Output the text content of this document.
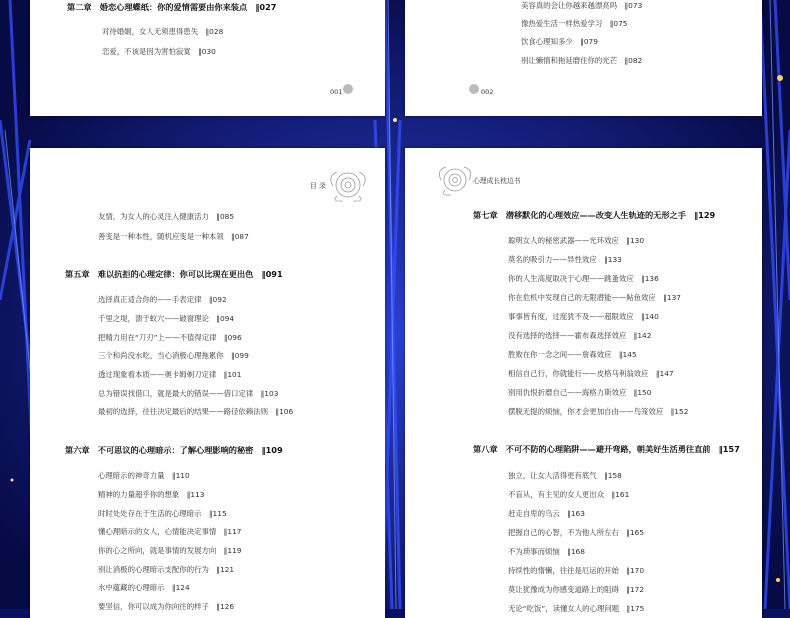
第二章　婚恋心理蝶纸：你的爱情需要由你来装点　‖027
对待婚姻，女人无须患得患失　‖028
恋爱，不该是因为害怕寂寞　‖030
001
美容真的会让你越来越漂亮吗　‖073
像热爱生活一样热爱学习　‖075
饮食心理知多少　‖079
别让懒惰和拖延磨住你的光芒　‖082
002
目 录
友情，为女人的心灵注入健康活力　‖085
善变是一种本性，随机应变是一种本领　‖087
第五章　难以抗拒的心理定律：你可以比现在更出色　‖091
选择真正适合你的——手表定律　‖092
千里之堤，溃于蚁穴——破窗理论　‖094
把精力用在“刀刃”上——不值得定律　‖096
三个和尚没水吃，当心消极心理拖累你　‖099
透过现象看本质——奥卡姆剃刀定律　‖101
总为错误找借口，就是最大的错误——借口定律　‖103
最初的选择，往往决定最后的结果——路径依赖法则　‖106
第六章　不可思议的心理暗示：了解心理影响的秘密　‖109
心理暗示的神奇力量　‖110
精神的力量超乎你的想象　‖113
时时处处存在于生活的心理暗示　‖115
懂心理暗示的女人，心情能决定事情　‖117
你的心之所向，就是事情的发展方向　‖119
别让消极的心理暗示支配你的行为　‖121
水中蕴藏的心理暗示　‖124
要坚信，你可以成为你向往的样子　‖126
心理成长枕边书
第七章　潜移默化的心理效应——改变人生轨迹的无形之手　‖129
聪明女人的秘密武器——光环效应　‖130
莫名的吸引力——异性效应　‖133
你的人生高度取决于心理——跳蚤效应　‖136
你在危机中发现自己的无限潜能——鲇鱼效应　‖137
事事皆有度，过度犹不及——超限效应　‖140
没有选择的选择——霍布森选择效应　‖142
胜败在你一念之间——詹森效应　‖145
相信自己行，你就能行——皮格马利翁效应　‖147
别用仇恨折磨自己——海格力斯效应　‖150
摆脱无提的烦恼，你才会更加自由——鸟笼效应　‖152
第八章　不可不防的心理陷阱——避开弯路，朝美好生活勇往直前　‖157
独立，让女人活得更有底气　‖158
不盲从，有主见的女人更出众　‖161
赶走自卑的乌云　‖163
把握自己的心智，不为他人所左右　‖165
不为琐事而烦恼　‖168
持续性的惰懒，往往是厄运的开始　‖170
莫让犹豫成为你感变道路上的阻碍　‖172
无论“吃饭”，读懂女人的心理问题　‖175
